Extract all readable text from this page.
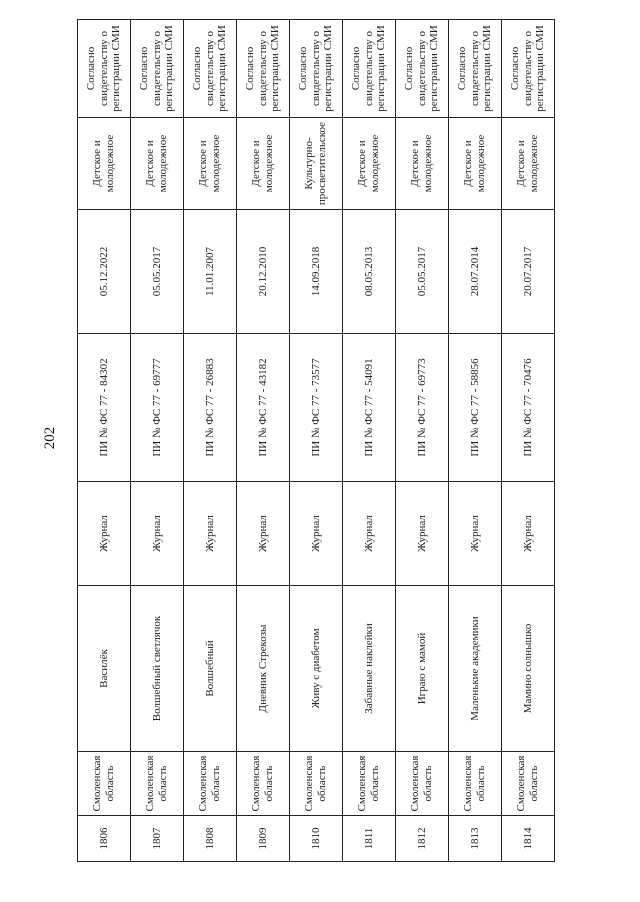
202
1806	Смоленская область	Василёк	Журнал	ПИ № ФС 77 - 84302	05.12.2022	Детское и молодежное	Согласно свидетельству о регистрации СМИ
1807	Смоленская область	Волшебный светлячок	Журнал	ПИ № ФС 77 - 69777	05.05.2017	Детское и молодежное	Согласно свидетельству о регистрации СМИ
1808	Смоленская область	Волшебный	Журнал	ПИ № ФС 77 - 26883	11.01.2007	Детское и молодежное	Согласно свидетельству о регистрации СМИ
1809	Смоленская область	Дневник Стрекозы	Журнал	ПИ № ФС 77 - 43182	20.12.2010	Детское и молодежное	Согласно свидетельству о регистрации СМИ
1810	Смоленская область	Живу с диабетом	Журнал	ПИ № ФС 77 - 73577	14.09.2018	Культурно-просветительское	Согласно свидетельству о регистрации СМИ
1811	Смоленская область	Забавные наклейки	Журнал	ПИ № ФС 77 - 54091	08.05.2013	Детское и молодежное	Согласно свидетельству о регистрации СМИ
1812	Смоленская область	Играю с мамой	Журнал	ПИ № ФС 77 - 69773	05.05.2017	Детское и молодежное	Согласно свидетельству о регистрации СМИ
1813	Смоленская область	Маленькие академики	Журнал	ПИ № ФС 77 - 58856	28.07.2014	Детское и молодежное	Согласно свидетельству о регистрации СМИ
1814	Смоленская область	Мамино солнышко	Журнал	ПИ № ФС 77 - 70476	20.07.2017	Детское и молодежное	Согласно свидетельству о регистрации СМИ
